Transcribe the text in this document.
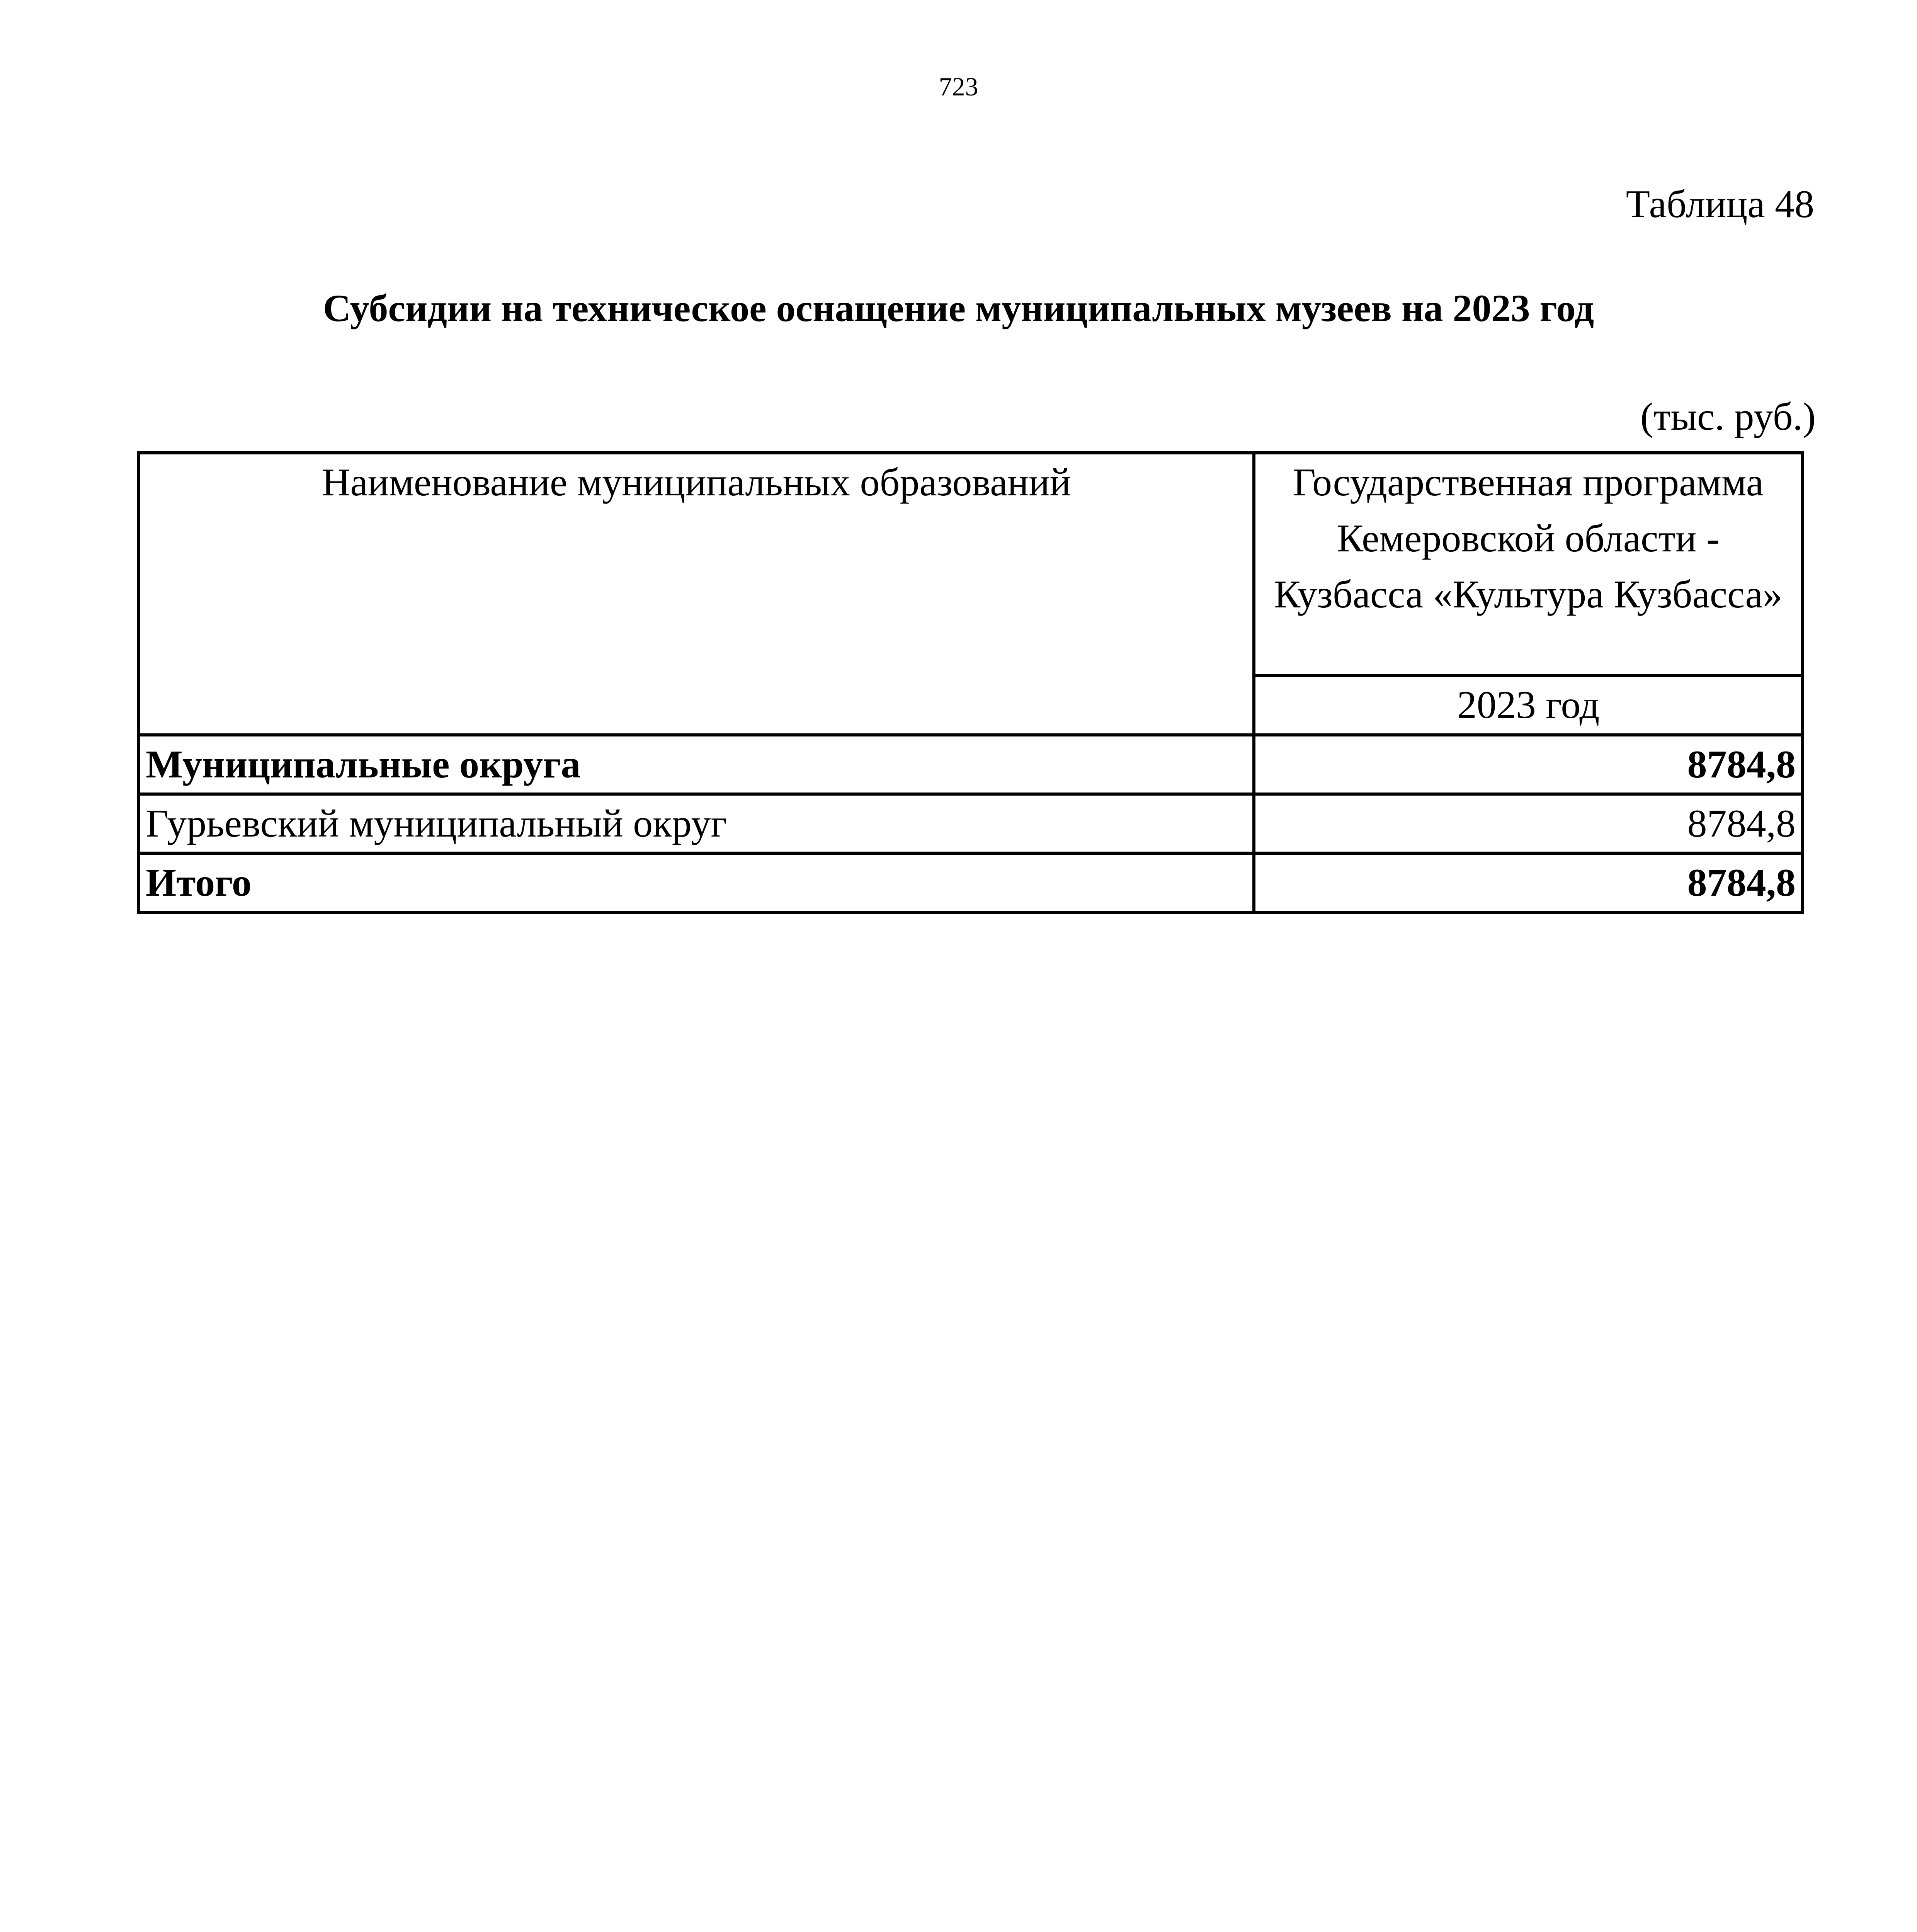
723
Таблица 48
Субсидии на техническое оснащение муниципальных музеев на 2023 год
(тыс. руб.)
Наименование муниципальных образований	Государственная программа
Кемеровской области -
Кузбасса «Культура Кузбасса»

	2023 год
Муниципальные округа	8784,8
Гурьевский муниципальный округ	8784,8
Итого	8784,8
